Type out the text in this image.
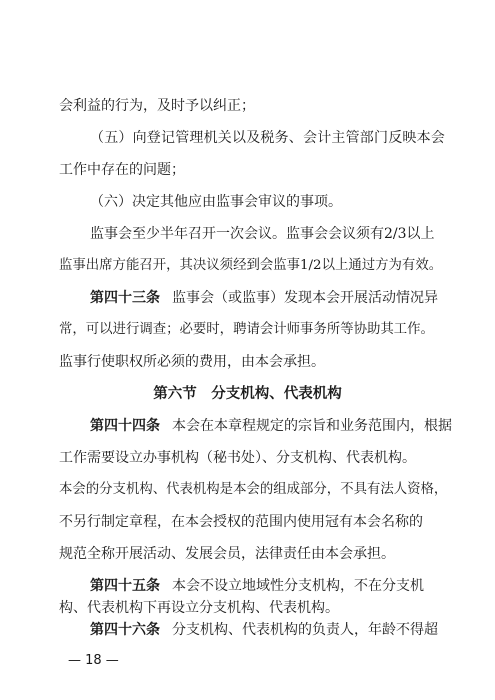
会利益的行为，及时予以纠正；
（五）向登记管理机关以及税务、会计主管部门反映本会
工作中存在的问题；
（六）决定其他应由监事会审议的事项。
监事会至少半年召开一次会议。监事会会议须有2/3以上
监事出席方能召开，其决议须经到会监事1/2以上通过方为有效。
第四十三条 监事会（或监事）发现本会开展活动情况异
常，可以进行调查；必要时，聘请会计师事务所等协助其工作。
监事行使职权所必须的费用，由本会承担。
第六节　分支机构、代表机构
第四十四条 本会在本章程规定的宗旨和业务范围内，根据
工作需要设立办事机构（秘书处）、分支机构、代表机构。
本会的分支机构、代表机构是本会的组成部分，不具有法人资格，
不另行制定章程，在本会授权的范围内使用冠有本会名称的
规范全称开展活动、发展会员，法律责任由本会承担。
第四十五条 本会不设立地域性分支机构，不在分支机
构、代表机构下再设立分支机构、代表机构。
第四十六条 分支机构、代表机构的负责人，年龄不得超
— 18 —
